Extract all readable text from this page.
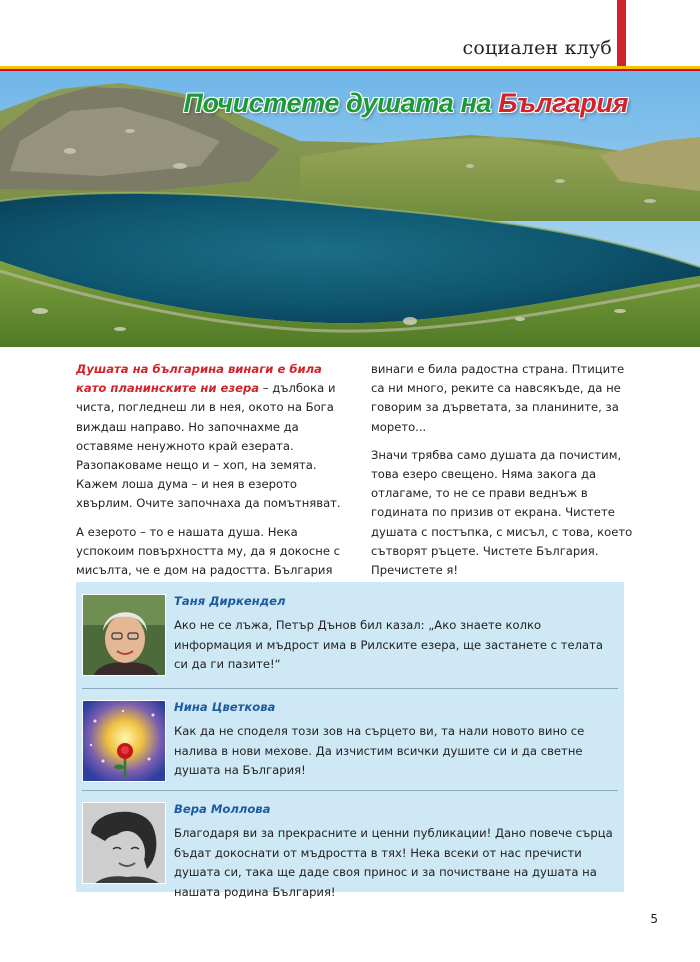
социален клуб
Почистете душата на България

Душата на българина винаги е била като планинските ни езера – дълбока и чиста, погледнеш ли в нея, окото на Бога виждаш направо. Но започнахме да оставяме ненужното край езерата. Разопаковаме нещо и – хоп, на земята. Кажем лоша дума – и нея в езерото хвърлим. Очите започнаха да помътняват.

А езерото – то е нашата душа. Нека успокоим повърхността му, да я докосне с мисълта, че е дом на радостта. България

винаги е била радостна страна. Птиците са ни много, реките са навсякъде, да не говорим за дърветата, за планините, за морето...

Значи трябва само душата да почистим, това езеро свещено. Няма закога да отлагаме, то не се прави веднъж в годината по призив от екрана. Чистете душата с постъпка, с мисъл, с това, което сътворят ръцете. Чистете България. Пречистете я!

Таня Диркендел
Ако не се лъжа, Петър Дънов бил казал: „Ако знаете колко информация и мъдрост има в Рилските езера, ще застанете с телата си да ги пазите!“
Нина Цветкова
Как да не споделя този зов на сърцето ви, та нали новото вино се налива в нови мехове. Да изчистим всички душите си и да светне душата на България!
Вера Моллова
Благодаря ви за прекрасните и ценни публикации! Дано повече сърца бъдат докоснати от мъдростта в тях! Нека всеки от нас пречисти душата си, така ще даде своя принос и за почистване на душата на нашата родина България!
5
